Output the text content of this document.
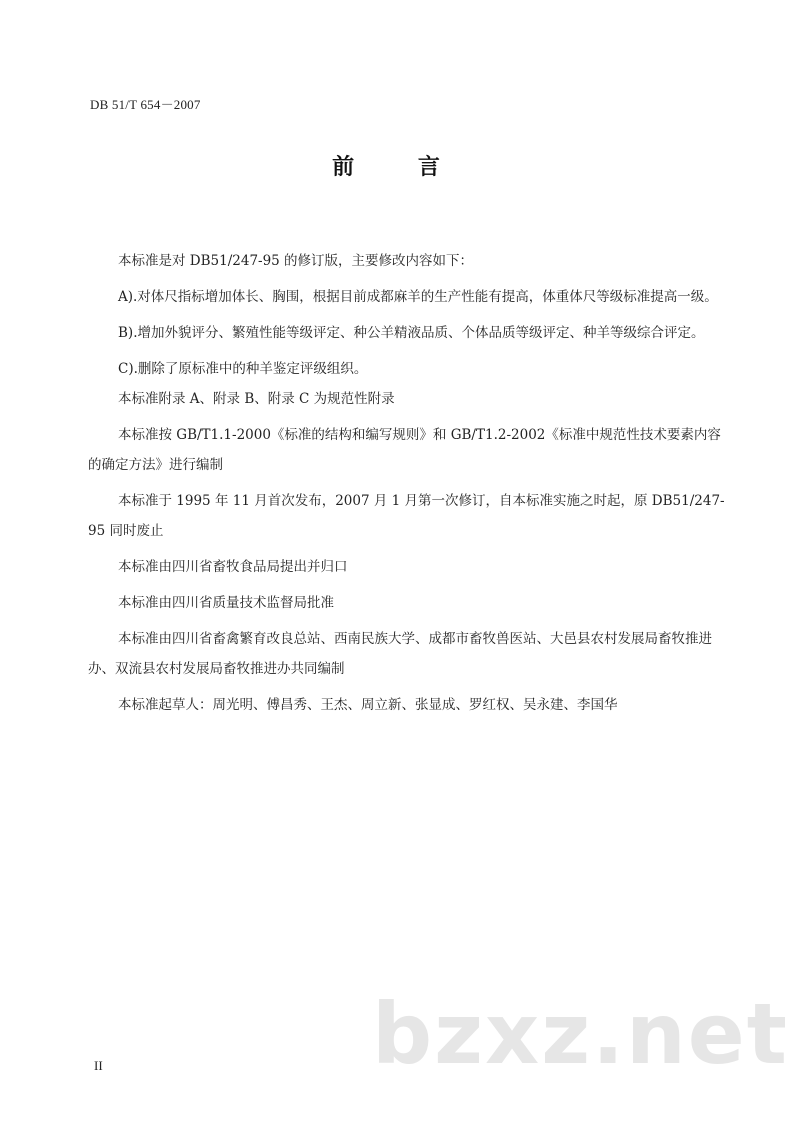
DB 51/T 654－2007
前 言

本标准是对 DB51/247-95 的修订版，主要修改内容如下：

A).对体尺指标增加体长、胸围，根据目前成都麻羊的生产性能有提高，体重体尺等级标准提高一级。

B).增加外貌评分、繁殖性能等级评定、种公羊精液品质、个体品质等级评定、种羊等级综合评定。

C).删除了原标准中的种羊鉴定评级组织。

本标准附录 A、附录 B、附录 C 为规范性附录

本标准按 GB/T1.1-2000《标准的结构和编写规则》和 GB/T1.2-2002《标准中规范性技术要素内容的确定方法》进行编制

本标准于 1995 年 11 月首次发布，2007 月 1 月第一次修订，自本标准实施之时起，原 DB51/247-95 同时废止

本标准由四川省畜牧食品局提出并归口

本标准由四川省质量技术监督局批准

本标准由四川省畜禽繁育改良总站、西南民族大学、成都市畜牧兽医站、大邑县农村发展局畜牧推进办、双流县农村发展局畜牧推进办共同编制

本标准起草人：周光明、傅昌秀、王杰、周立新、张显成、罗红权、吴永建、李国华

bzxz.net
II
